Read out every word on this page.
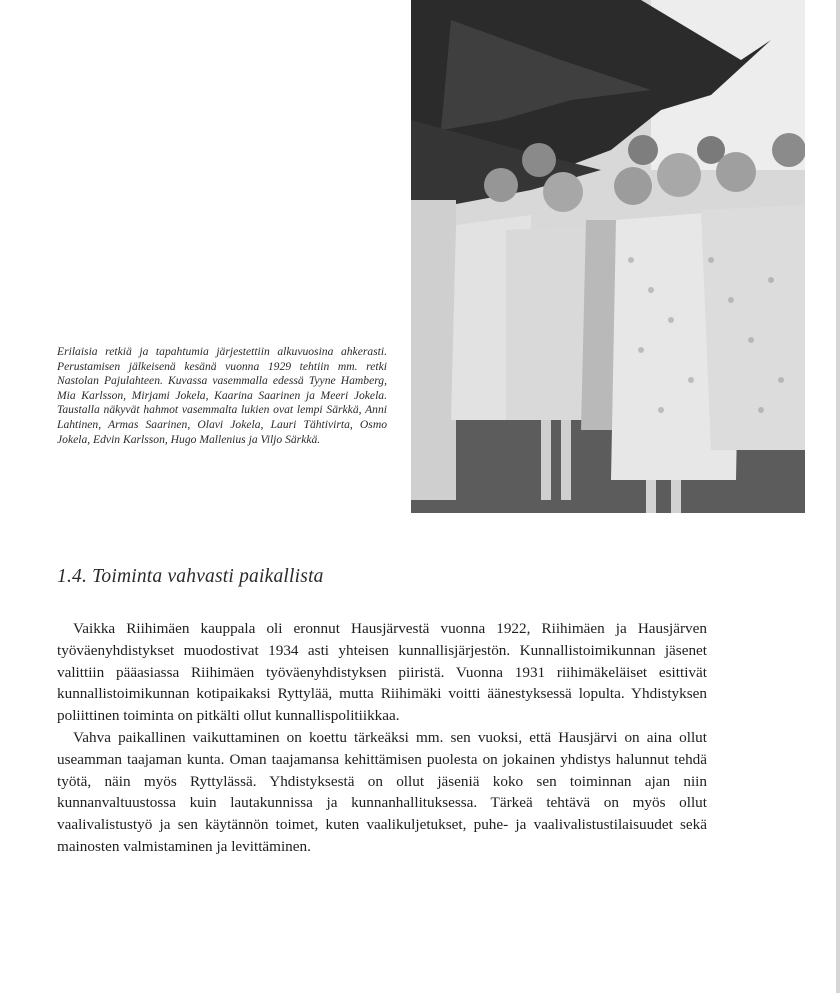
Erilaisia retkiä ja tapahtumia järjestettiin alkuvuosina ahkerasti. Perustamisen jälkeisenä kesänä vuonna 1929 tehtiin mm. retki Nastolan Pajulahteen. Kuvassa vasemmalla edessä Tyyne Hamberg, Mia Karlsson, Mirjami Jokela, Kaarina Saarinen ja Meeri Jokela. Taustalla näkyvät hahmot vasemmalta lukien ovat lempi Särkkä, Anni Lahtinen, Armas Saarinen, Olavi Jokela, Lauri Tähtivirta, Osmo Jokela, Edvin Karlsson, Hugo Mallenius ja Viljo Särkkä.
1.4. Toiminta vahvasti paikallista

Vaikka Riihimäen kauppala oli eronnut Hausjärvestä vuonna 1922, Riihimäen ja Hausjärven työväenyhdistykset muodostivat 1934 asti yhteisen kunnallisjärjestön. Kunnallistoimikunnan jäsenet valittiin pääasiassa Riihimäen työväenyhdistyksen piiristä. Vuonna 1931 riihimäkeläiset esittivät kunnallistoimikunnan kotipaikaksi Ryttylää, mutta Riihimäki voitti äänestyksessä lopulta. Yhdistyksen poliittinen toiminta on pitkälti ollut kunnallispolitiikkaa.

Vahva paikallinen vaikuttaminen on koettu tärkeäksi mm. sen vuoksi, että Hausjärvi on aina ollut useamman taajaman kunta. Oman taajamansa kehittämisen puolesta on jokainen yhdistys halunnut tehdä työtä, näin myös Ryttylässä. Yhdistyksestä on ollut jäseniä koko sen toiminnan ajan niin kunnanvaltuustossa kuin lautakunnissa ja kunnanhallituksessa. Tärkeä tehtävä on myös ollut vaalivalistustyö ja sen käytännön toimet, kuten vaalikuljetukset, puhe- ja vaalivalistustilaisuudet sekä mainosten valmistaminen ja levittäminen.
